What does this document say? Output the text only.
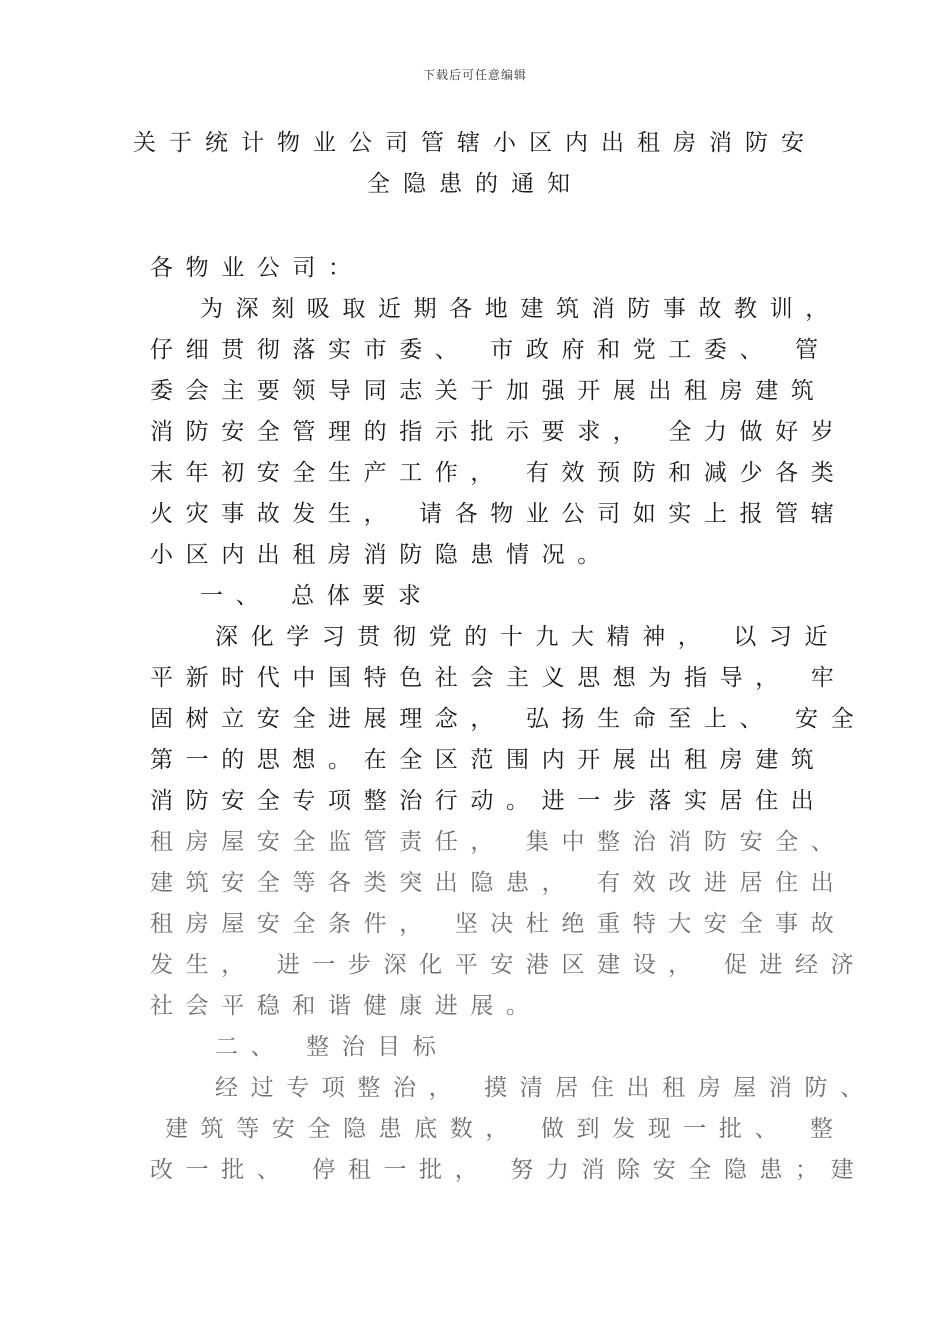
下载后可任意编辑
关于统计物业公司管辖小区内出租房消防安
全隐患的通知
各物业公司：
为深刻吸取近期各地建筑消防事故教训，
仔细贯彻落实市委、 市政府和党工委、 管
委会主要领导同志关于加强开展出租房建筑
消防安全管理的指示批示要求， 全力做好岁
末年初安全生产工作， 有效预防和减少各类
火灾事故发生， 请各物业公司如实上报管辖
小区内出租房消防隐患情况。
一、 总体要求
深化学习贯彻党的十九大精神， 以习近
平新时代中国特色社会主义思想为指导， 牢
固树立安全进展理念， 弘扬生命至上、 安全
第一的思想。在全区范围内开展出租房建筑
消防安全专项整治行动。进一步落实居住出
租房屋安全监管责任， 集中整治消防安全、
建筑安全等各类突出隐患， 有效改进居住出
租房屋安全条件， 坚决杜绝重特大安全事故
发生， 进一步深化平安港区建设， 促进经济
社会平稳和谐健康进展。
二、 整治目标
经过专项整治， 摸清居住出租房屋消防、
建筑等安全隐患底数， 做到发现一批、 整
改一批、 停租一批， 努力消除安全隐患；建
